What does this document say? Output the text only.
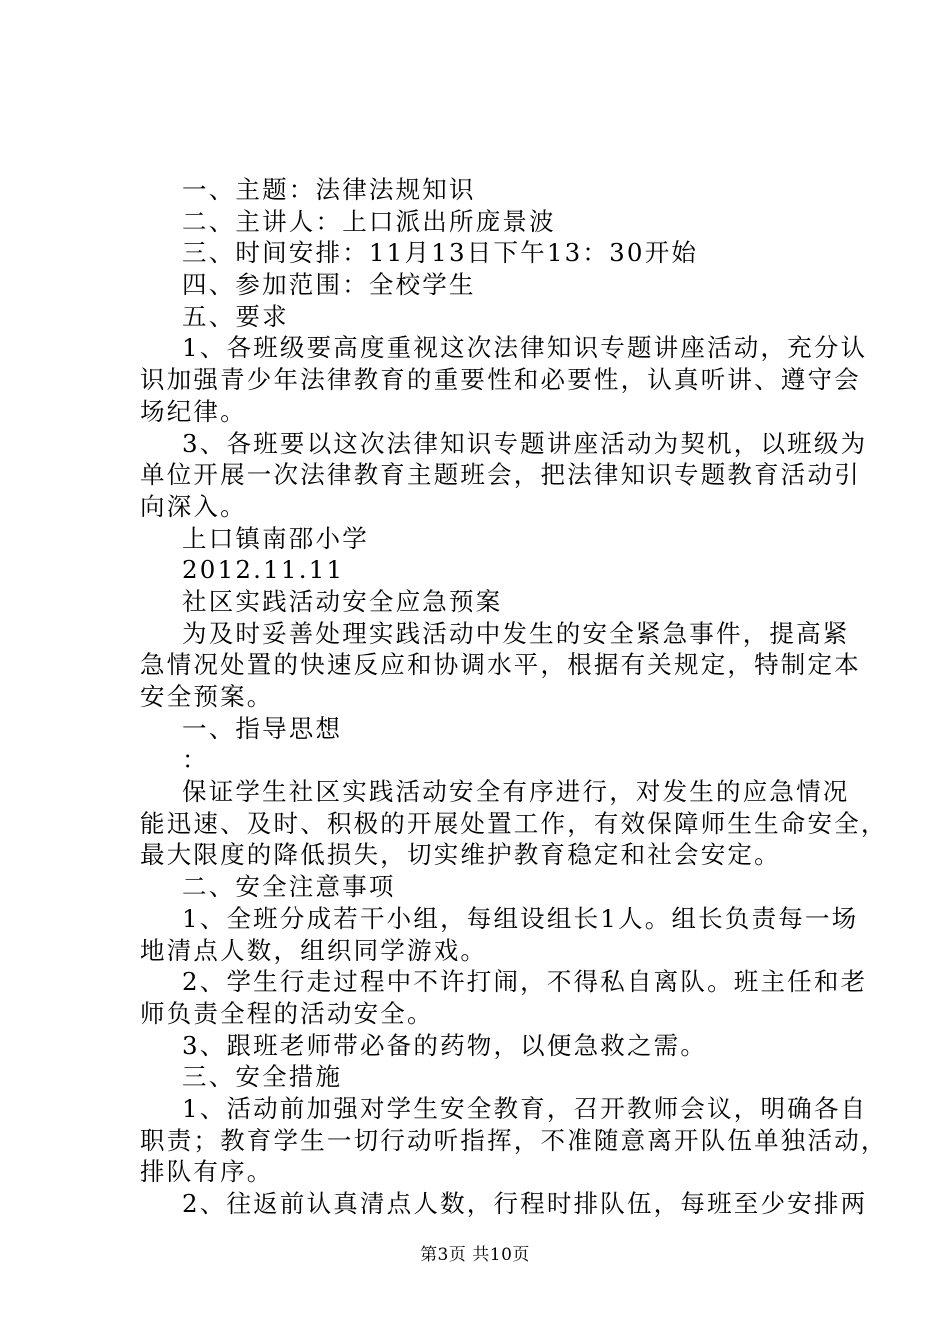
一、主题：法律法规知识
二、主讲人：上口派出所庞景波
三、时间安排：11月13日下午13：30开始
四、参加范围：全校学生
五、要求
1、各班级要高度重视这次法律知识专题讲座活动，充分认
识加强青少年法律教育的重要性和必要性，认真听讲、遵守会
场纪律。
3、各班要以这次法律知识专题讲座活动为契机，以班级为
单位开展一次法律教育主题班会，把法律知识专题教育活动引
向深入。
上口镇南邵小学
2012.11.11
社区实践活动安全应急预案
为及时妥善处理实践活动中发生的安全紧急事件，提高紧
急情况处置的快速反应和协调水平，根据有关规定，特制定本
安全预案。
一、指导思想
：
保证学生社区实践活动安全有序进行，对发生的应急情况
能迅速、及时、积极的开展处置工作，有效保障师生生命安全，
最大限度的降低损失，切实维护教育稳定和社会安定。
二、安全注意事项
1、全班分成若干小组，每组设组长1人。组长负责每一场
地清点人数，组织同学游戏。
2、学生行走过程中不许打闹，不得私自离队。班主任和老
师负责全程的活动安全。
3、跟班老师带必备的药物，以便急救之需。
三、安全措施
1、活动前加强对学生安全教育，召开教师会议，明确各自
职责；教育学生一切行动听指挥，不准随意离开队伍单独活动，
排队有序。
2、往返前认真清点人数，行程时排队伍，每班至少安排两
第3页 共10页
